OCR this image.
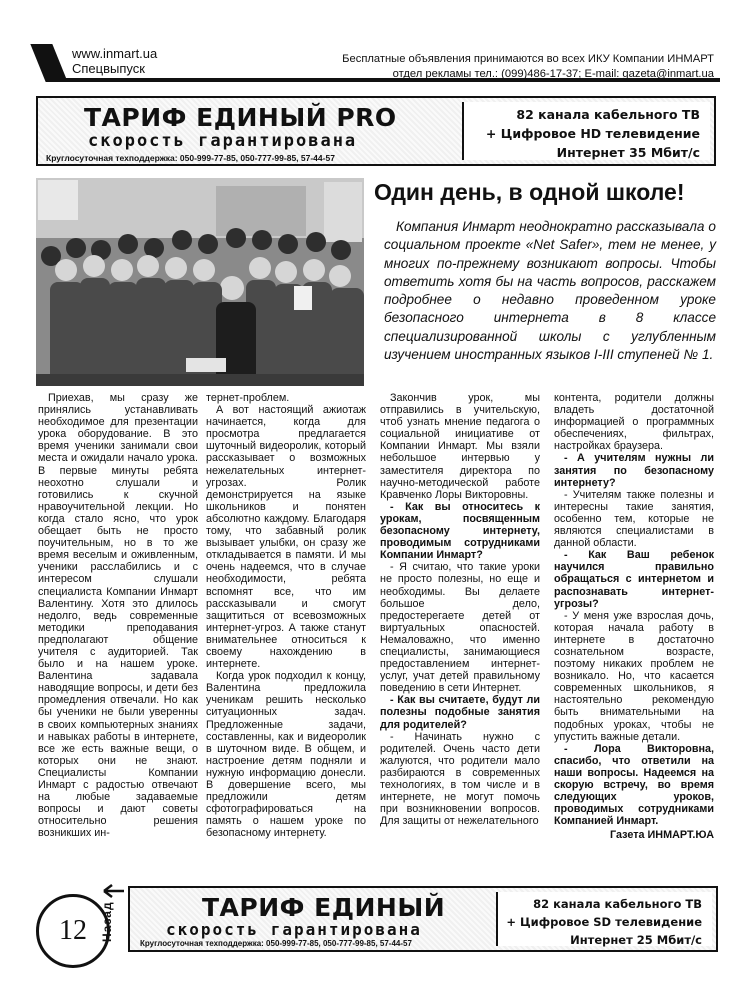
www.inmart.ua
Спецвыпуск
Бесплатные объявления принимаются во всех ИКУ Компании ИНМАРТ
отдел рекламы тел.: (099)486-17-37; E-mail: gazeta@inmart.ua
ТАРИФ ЕДИНЫЙ PRO
скорость гарантирована
Круглосуточная техподдержка: 050-999-77-85, 050-777-99-85, 57-44-57
82 канала кабельного ТВ
+ Цифровое HD телевидение
Интернет 35 Мбит/с
Один день, в одной школе!
Компания Инмарт неоднократно рассказывала о социальном проекте «Net Safer», тем не менее, у многих по-прежнему возникают вопросы. Чтобы ответить хотя бы на часть вопросов, расскажем подробнее о недавно проведенном уроке безопасного интернета в 8 классе специализированной школы с углубленным изучением иностранных языков I-III ступеней № 1.

Приехав, мы сразу же принялись устанавливать необходимое для презентации урока оборудование. В это время ученики занимали свои места и ожидали начало урока. В первые минуты ребята неохотно слушали и готовились к скучной нравоучительной лекции. Но когда стало ясно, что урок обещает быть не просто поучительным, но в то же время веселым и оживленным, ученики расслабились и с интересом слушали специалиста Компании Инмарт Валентину. Хотя это длилось недолго, ведь современные методики преподавания предполагают общение учителя с аудиторией. Так было и на нашем уроке. Валентина задавала наводящие вопросы, и дети без промедления отвечали. Но как бы ученики не были уверенны в своих компьютерных знаниях и навыках работы в интернете, все же есть важные вещи, о которых они не знают. Специалисты Компании Инмарт с радостью отвечают на любые задаваемые вопросы и дают советы относительно решения возникших ин-

тернет-проблем.

А вот настоящий ажиотаж начинается, когда для просмотра предлагается шуточный видеоролик, который рассказывает о возможных нежелательных интернет-угрозах. Ролик демонстрируется на языке школьников и понятен абсолютно каждому. Благодаря тому, что забавный ролик вызывает улыбки, он сразу же откладывается в памяти. И мы очень надеемся, что в случае необходимости, ребята вспомнят все, что им рассказывали и смогут защититься от всевозможных интернет-угроз. А также станут внимательнее относиться к своему нахождению в интернете.

Когда урок подходил к концу, Валентина предложила ученикам решить несколько ситуационных задач. Предложенные задачи, составленны, как и видеоролик в шуточном виде. В общем, и настроение детям подняли и нужную информацию донесли. В довершение всего, мы предложили детям сфотографироваться на память о нашем уроке по безопасному интернету.

Закончив урок, мы отправились в учительскую, чтоб узнать мнение педагога о социальной инициативе от Компании Инмарт. Мы взяли небольшое интервью у заместителя директора по научно-методической работе Кравченко Лоры Викторовны.

- Как вы относитесь к урокам, посвященным безопасному интернету, проводимым сотрудниками Компании Инмарт?

- Я считаю, что такие уроки не просто полезны, но еще и необходимы. Вы делаете большое дело, предостерегаете детей от виртуальных опасностей. Немаловажно, что именно специалисты, занимающиеся предоставлением интернет-услуг, учат детей правильному поведению в сети Интернет.

- Как вы считаете, будут ли полезны подобные занятия для родителей?

- Начинать нужно с родителей. Очень часто дети жалуются, что родители мало разбираются в современных технологиях, в том числе и в интернете, не могут помочь при возникновении вопросов. Для защиты от нежелательного

контента, родители должны владеть достаточной информацией о программных обеспечениях, фильтрах, настройках браузера.

- А учителям нужны ли занятия по безопасному интернету?

- Учителям также полезны и интересны такие занятия, особенно тем, которые не являются специалистами в данной области.

- Как Ваш ребенок научился правильно обращаться с интернетом и распознавать интернет-угрозы?

- У меня уже взрослая дочь, которая начала работу в интернете в достаточно сознательном возрасте, поэтому никаких проблем не возникало. Но, что касается современных школьников, я настоятельно рекомендую быть внимательными на подобных уроках, чтобы не упустить важные детали.

- Лора Викторовна, спасибо, что ответили на наши вопросы. Надеемся на скорую встречу, во время следующих уроков, проводимых сотрудниками Компанией Инмарт.

Газета ИНМАРТ.ЮА

12	Назад	ТАРИФ ЕДИНЫЙ
скорость гарантирована
Круглосуточная техподдержка: 050-999-77-85, 050-777-99-85, 57-44-57
82 канала кабельного ТВ
+ Цифровое SD телевидение
Интернет 25 Мбит/с
